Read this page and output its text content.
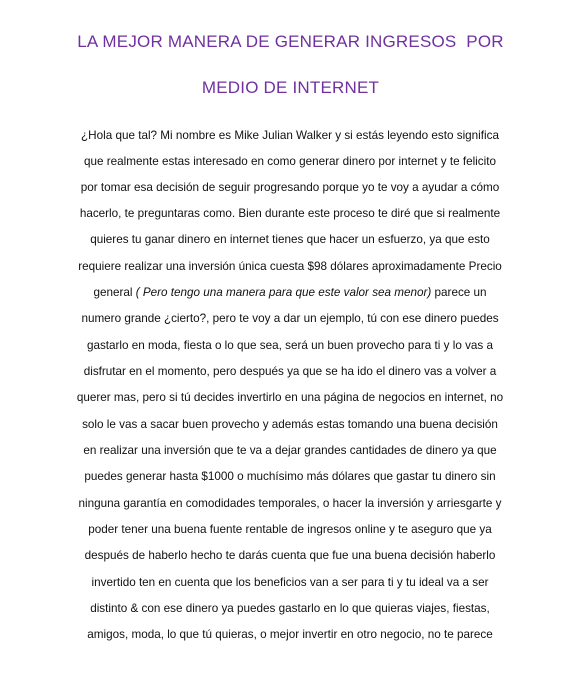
LA MEJOR MANERA DE GENERAR INGRESOS  POR
MEDIO DE INTERNET
¿Hola que tal? Mi nombre es Mike Julian Walker y si estás leyendo esto significa
que realmente estas interesado en como generar dinero por internet y te felicito
por tomar esa decisión de seguir progresando porque yo te voy a ayudar a cómo
hacerlo, te preguntaras como. Bien durante este proceso te diré que si realmente
quieres tu ganar dinero en internet tienes que hacer un esfuerzo, ya que esto
requiere realizar una inversión única cuesta $98 dólares aproximadamente Precio
general ( Pero tengo una manera para que este valor sea menor) parece un
numero grande ¿cierto?, pero te voy a dar un ejemplo, tú con ese dinero puedes
gastarlo en moda, fiesta o lo que sea, será un buen provecho para ti y lo vas a
disfrutar en el momento, pero después ya que se ha ido el dinero vas a volver a
querer mas, pero si tú decides invertirlo en una página de negocios en internet, no
solo le vas a sacar buen provecho y además estas tomando una buena decisión
en realizar una inversión que te va a dejar grandes cantidades de dinero ya que
puedes generar hasta $1000 o muchísimo más dólares que gastar tu dinero sin
ninguna garantía en comodidades temporales, o hacer la inversión y arriesgarte y
poder tener una buena fuente rentable de ingresos online y te aseguro que ya
después de haberlo hecho te darás cuenta que fue una buena decisión haberlo
invertido ten en cuenta que los beneficios van a ser para ti y tu ideal va a ser
distinto & con ese dinero ya puedes gastarlo en lo que quieras viajes, fiestas,
amigos, moda, lo que tú quieras, o mejor invertir en otro negocio, no te parece
